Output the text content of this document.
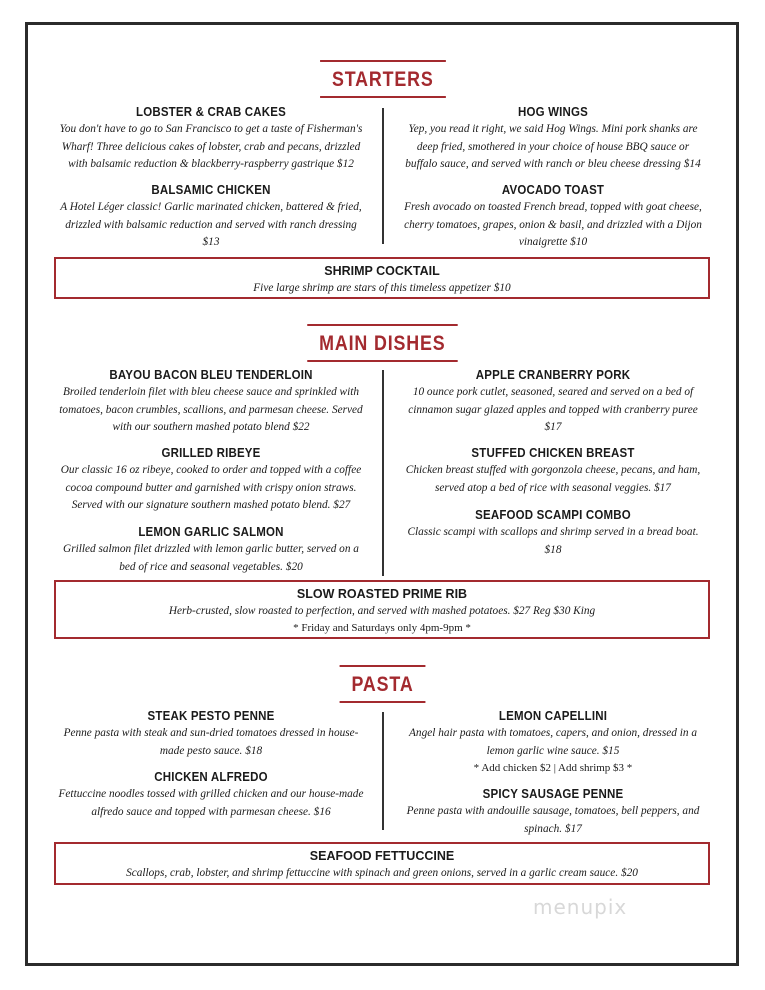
STARTERS
LOBSTER & CRAB CAKES
You don't have to go to San Francisco to get a taste of Fisherman's Wharf! Three delicious cakes of lobster, crab and pecans, drizzled with balsamic reduction & blackberry-raspberry gastrique $12
BALSAMIC CHICKEN
A Hotel Léger classic! Garlic marinated chicken, battered & fried, drizzled with balsamic reduction and served with ranch dressing $13
HOG WINGS
Yep, you read it right, we said Hog Wings. Mini pork shanks are deep fried, smothered in your choice of house BBQ sauce or buffalo sauce, and served with ranch or bleu cheese dressing $14
AVOCADO TOAST
Fresh avocado on toasted French bread, topped with goat cheese, cherry tomatoes, grapes, onion & basil, and drizzled with a Dijon vinaigrette $10
SHRIMP COCKTAIL
Five large shrimp are stars of this timeless appetizer $10
MAIN DISHES
BAYOU BACON BLEU TENDERLOIN
Broiled tenderloin filet with bleu cheese sauce and sprinkled with tomatoes, bacon crumbles, scallions, and parmesan cheese. Served with our southern mashed potato blend $22
GRILLED RIBEYE
Our classic 16 oz ribeye, cooked to order and topped with a coffee cocoa compound butter and garnished with crispy onion straws. Served with our signature southern mashed potato blend. $27
LEMON GARLIC SALMON
Grilled salmon filet drizzled with lemon garlic butter, served on a bed of rice and seasonal vegetables. $20
APPLE CRANBERRY PORK
10 ounce pork cutlet, seasoned, seared and served on a bed of cinnamon sugar glazed apples and topped with cranberry puree $17
STUFFED CHICKEN BREAST
Chicken breast stuffed with gorgonzola cheese, pecans, and ham, served atop a bed of rice with seasonal veggies. $17
SEAFOOD SCAMPI COMBO
Classic scampi with scallops and shrimp served in a bread boat. $18
SLOW ROASTED PRIME RIB
Herb-crusted, slow roasted to perfection, and served with mashed potatoes. $27 Reg $30 King
* Friday and Saturdays only 4pm-9pm *
PASTA
STEAK PESTO PENNE
Penne pasta with steak and sun-dried tomatoes dressed in house-made pesto sauce. $18
CHICKEN ALFREDO
Fettuccine noodles tossed with grilled chicken and our house-made alfredo sauce and topped with parmesan cheese. $16
LEMON CAPELLINI
Angel hair pasta with tomatoes, capers, and onion, dressed in a lemon garlic wine sauce. $15
* Add chicken $2 | Add shrimp $3 *
SPICY SAUSAGE PENNE
Penne pasta with andouille sausage, tomatoes, bell peppers, and spinach. $17
SEAFOOD FETTUCCINE
Scallops, crab, lobster, and shrimp fettuccine with spinach and green onions, served in a garlic cream sauce. $20
menupix
